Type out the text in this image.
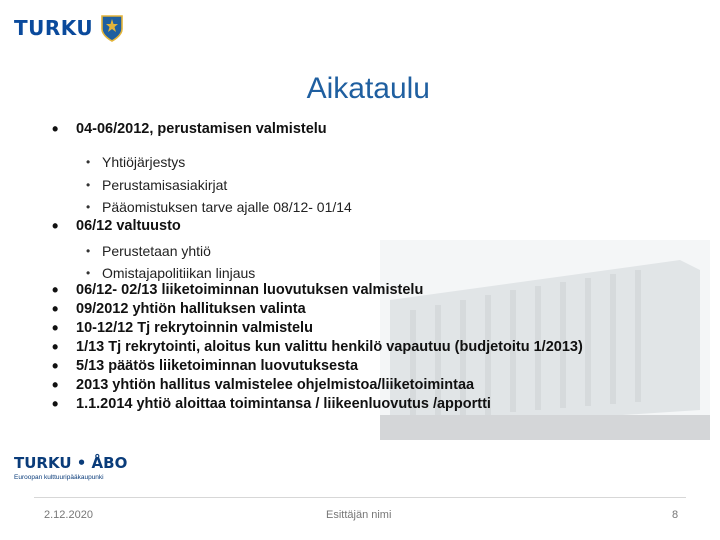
TURKU
Aikataulu
• 04-06/2012, perustamisen valmistelu
• Yhtiöjärjestys
• Perustamisasiakirjat
• Pääomistuksen tarve ajalle 08/12- 01/14
• 06/12 valtuusto
• Perustetaan yhtiö
• Omistajapolitiikan linjaus
• 06/12- 02/13 liiketoiminnan luovutuksen valmistelu
• 09/2012 yhtiön hallituksen valinta
• 10-12/12 Tj rekrytoinnin valmistelu
• 1/13 Tj rekrytointi, aloitus kun valittu henkilö vapautuu (budjetoitu 1/2013)
• 5/13 päätös liiketoiminnan luovutuksesta
• 2013 yhtiön hallitus valmistelee ohjelmistoa/liiketoimintaa
• 1.1.2014 yhtiö aloittaa toimintansa / liikeenluovutus /apportti
TURKU • ÅBO
Euroopan kulttuuripääkaupunki
2.12.2020	Esittäjän nimi	8
